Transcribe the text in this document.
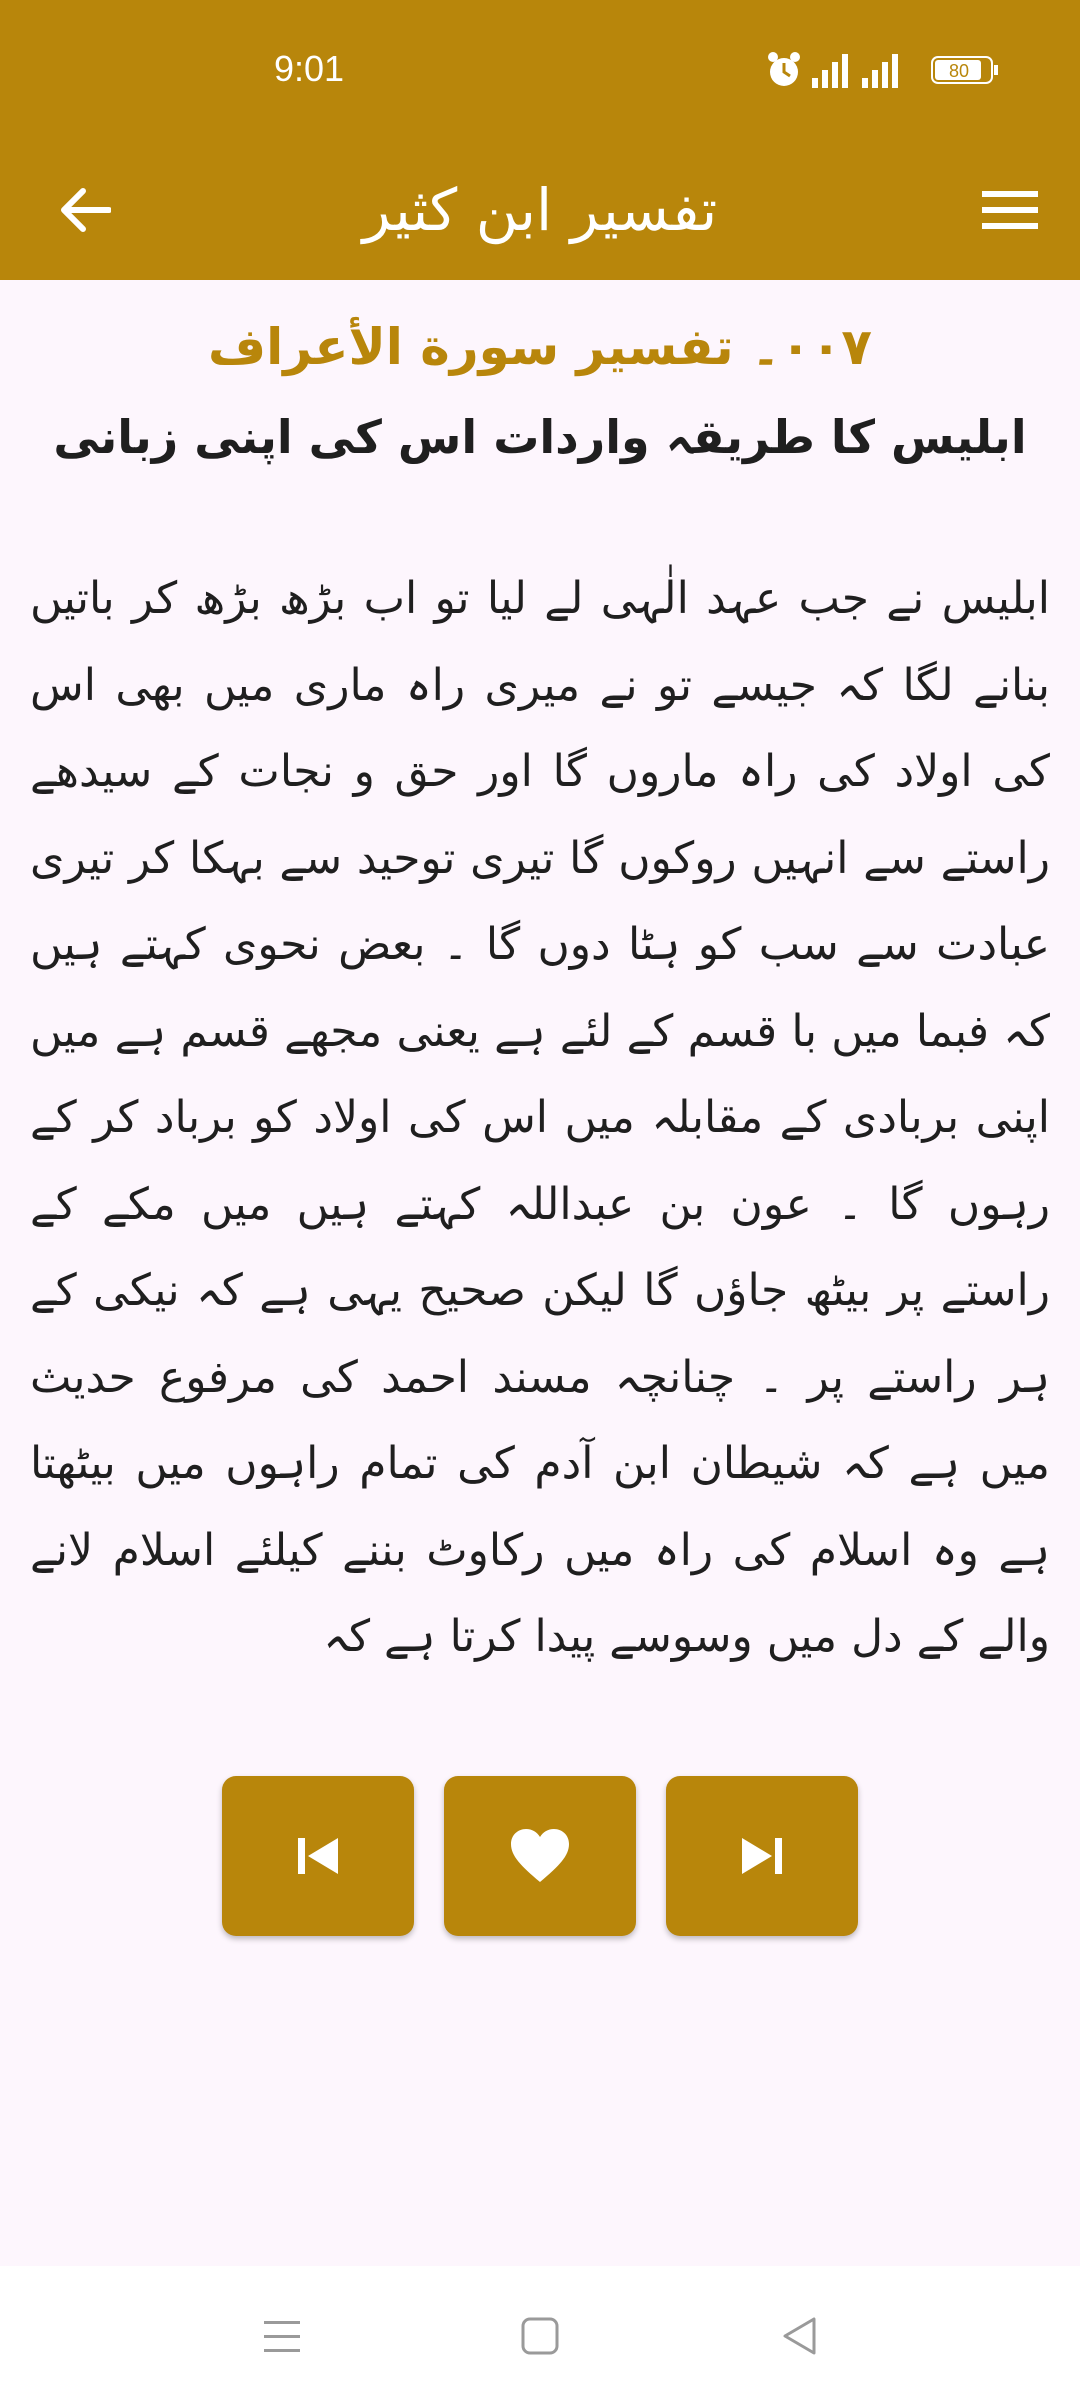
9:01	80
تفسیر ابن کثیر
۰۰۷۔ تفسیر سورة الأعراف
ابلیس کا طریقہ واردات اس کی اپنی زبانی

ابلیس نے جب عہد الٰہی لے لیا تو اب بڑھ بڑھ کر باتیں بنانے لگا کہ جیسے تو نے میری راہ ماری میں بھی اس کی اولاد کی راہ ماروں گا اور حق و نجات کے سیدھے راستے سے انہیں روکوں گا تیری توحید سے بہکا کر تیری عبادت سے سب کو ہٹا دوں گا ۔ بعض نحوی کہتے ہیں کہ فبما میں با قسم کے لئے ہے یعنی مجھے قسم ہے میں اپنی بربادی کے مقابلہ میں اس کی اولاد کو برباد کر کے رہوں گا ۔ عون بن عبداللہ کہتے ہیں میں مکے کے راستے پر بیٹھ جاؤں گا لیکن صحیح یہی ہے کہ نیکی کے ہر راستے پر ۔ چنانچہ مسند احمد کی مرفوع حدیث میں ہے کہ شیطان ابن آدم کی تمام راہوں میں بیٹھتا ہے وہ اسلام کی راہ میں رکاوٹ بننے کیلئے اسلام لانے والے کے دل میں وسوسے پیدا کرتا ہے کہ
